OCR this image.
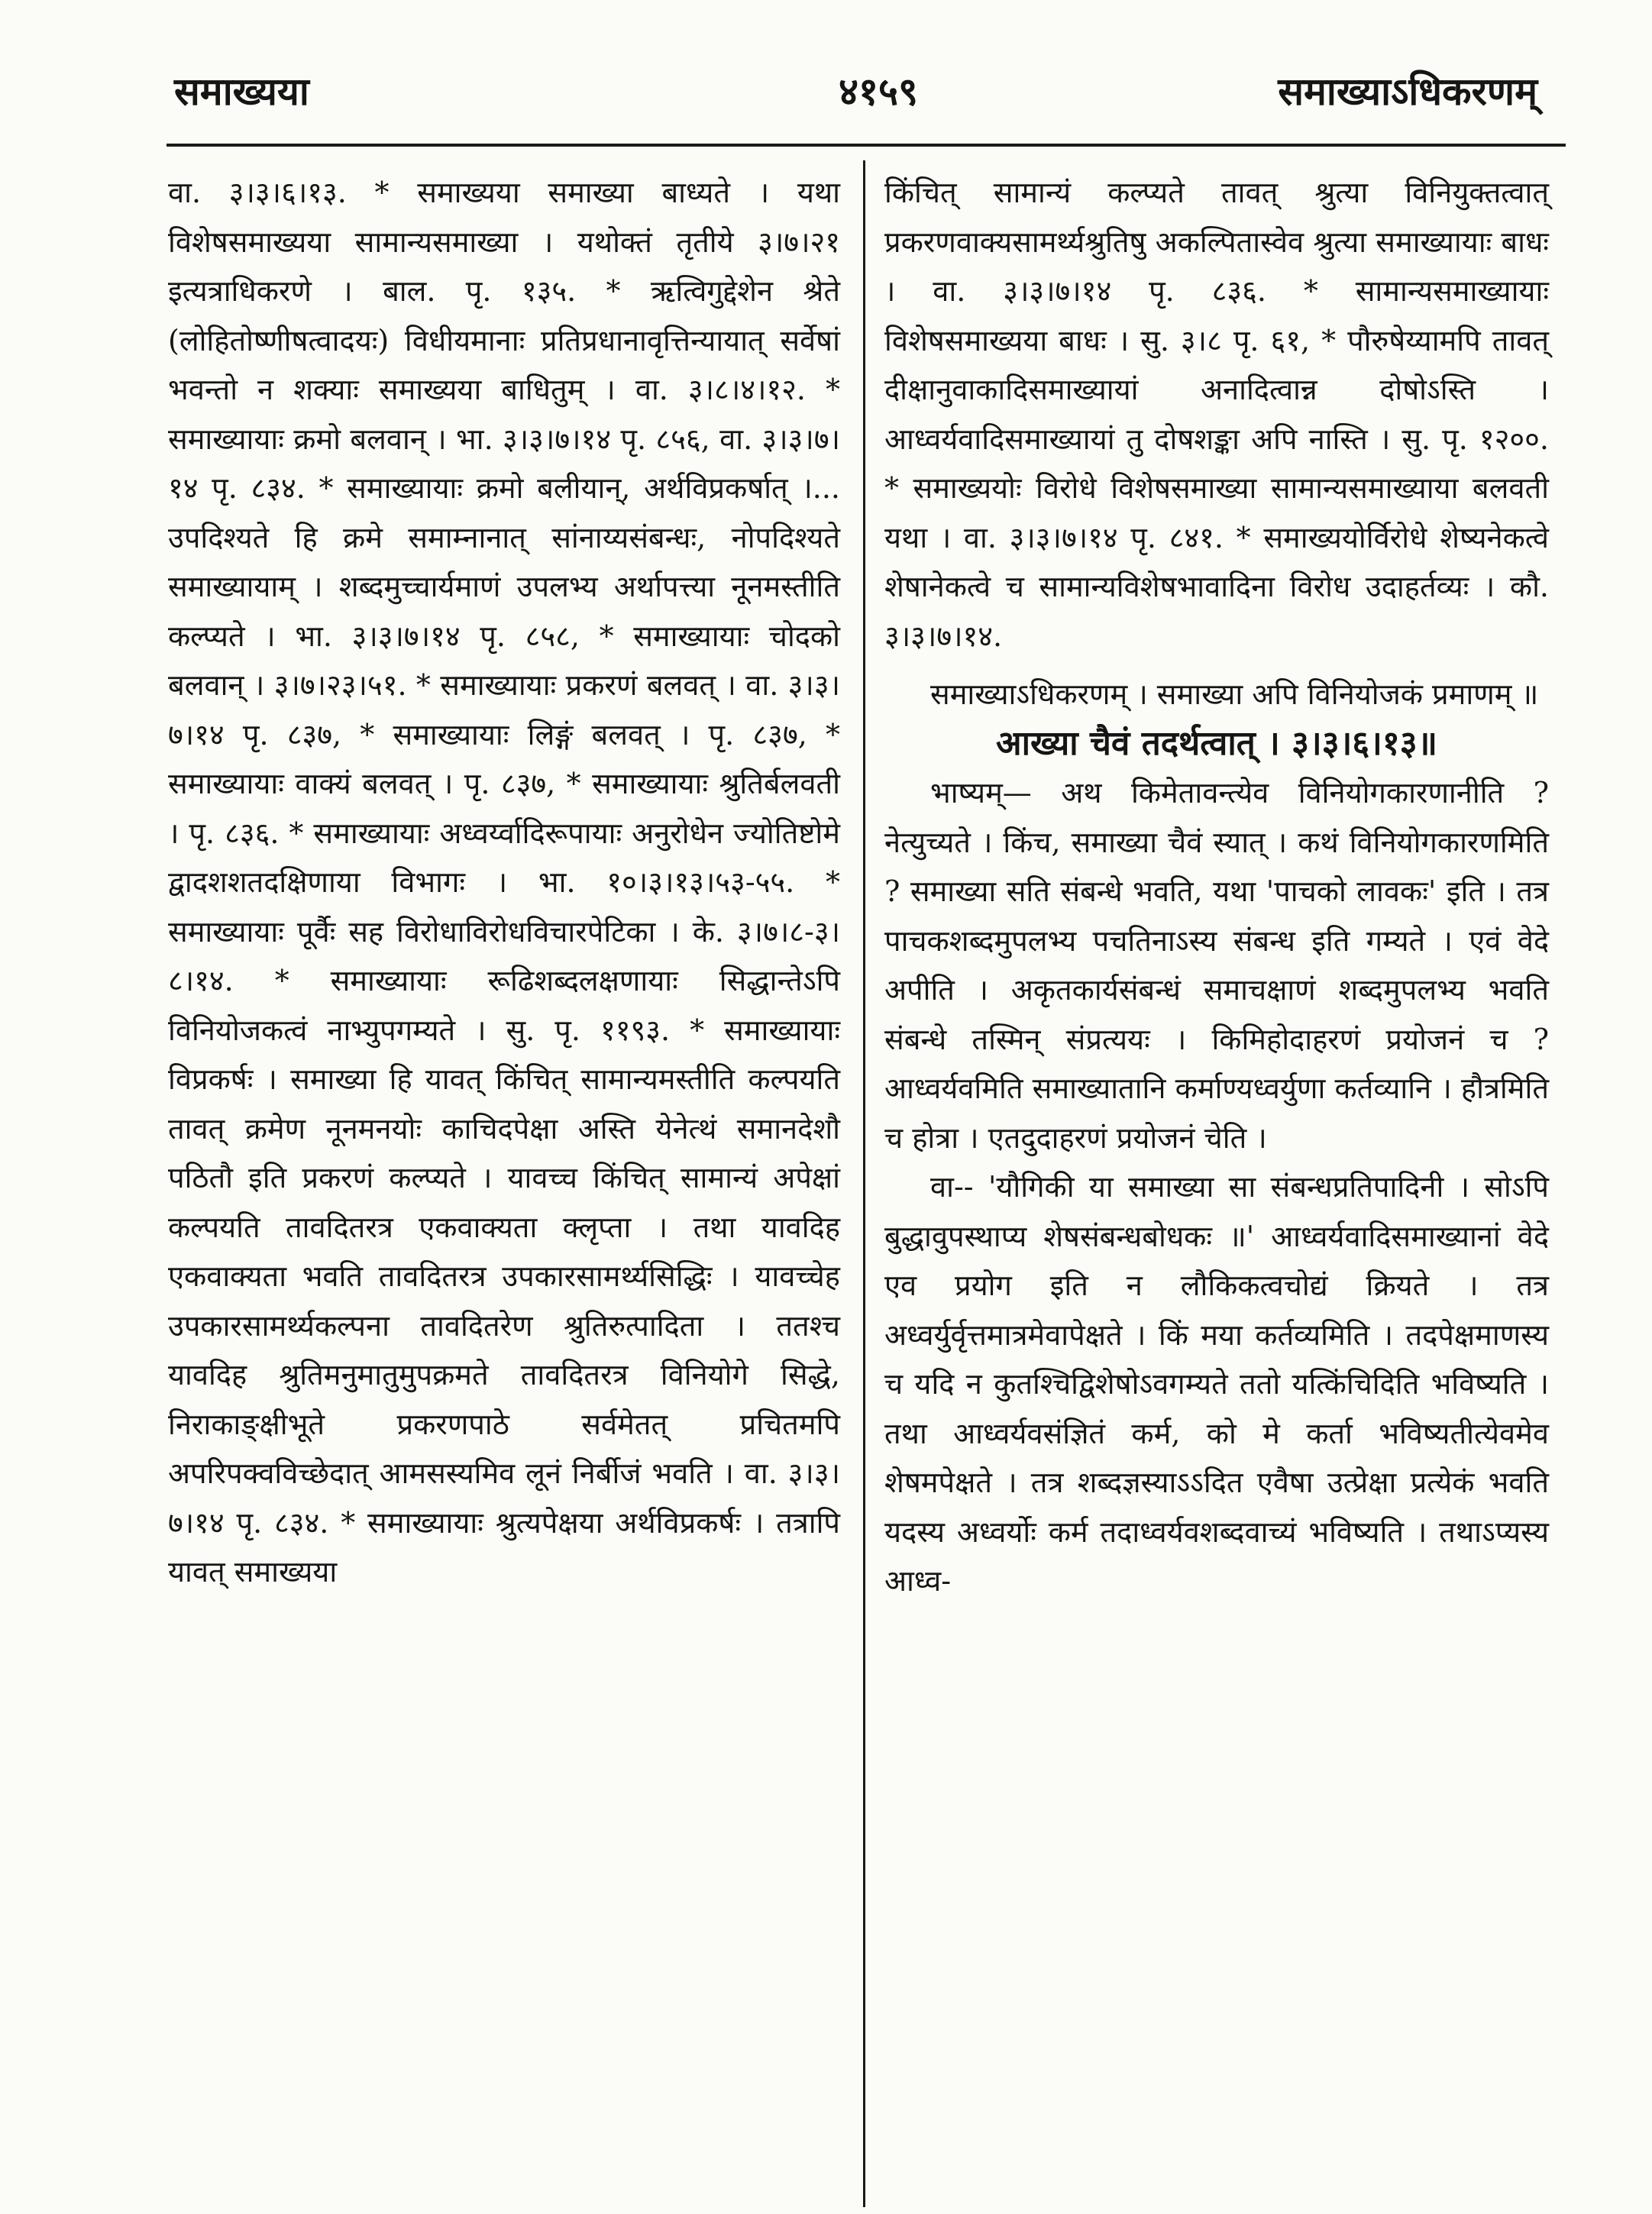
समाख्यया	४१५९	समाख्याऽधिकरणम्

वा. ३।३।६।१३. * समाख्यया समाख्या बाध्यते । यथा विशेषसमाख्यया सामान्यसमाख्या । यथोक्तं तृतीये ३।७।२१ इत्यत्राधिकरणे । बाल. पृ. १३५. * ऋत्विगुद्देशेन श्रेते (लोहितोष्णीषत्वादयः) विधीयमानाः प्रतिप्रधानावृत्तिन्यायात् सर्वेषां भवन्तो न शक्याः समाख्यया बाधितुम् । वा. ३।८।४।१२. * समाख्यायाः क्रमो बलवान् । भा. ३।३।७।१४ पृ. ८५६, वा. ३।३।७।१४ पृ. ८३४. * समाख्यायाः क्रमो बलीयान्, अर्थविप्रकर्षात् ।... उपदिश्यते हि क्रमे समाम्नानात् सांनाय्यसंबन्धः, नोपदिश्यते समाख्यायाम् । शब्दमुच्चार्यमाणं उपलभ्य अर्थापत्त्या नूनमस्तीति कल्प्यते । भा. ३।३।७।१४ पृ. ८५८, * समाख्यायाः चोदको बलवान् । ३।७।२३।५१. * समाख्यायाः प्रकरणं बलवत् । वा. ३।३।७।१४ पृ. ८३७, * समाख्यायाः लिङ्गं बलवत् । पृ. ८३७, * समाख्यायाः वाक्यं बलवत् । पृ. ८३७, * समाख्यायाः श्रुतिर्बलवती । पृ. ८३६. * समाख्यायाः अध्वर्य्वादिरूपायाः अनुरोधेन ज्योतिष्टोमे द्वादशशतदक्षिणाया विभागः । भा. १०।३।१३।५३-५५. * समाख्यायाः पूर्वैः सह विरोधाविरोधविचारपेटिका । के. ३।७।८-३।८।१४. * समाख्यायाः रूढिशब्दलक्षणायाः सिद्धान्तेऽपि विनियोजकत्वं नाभ्युपगम्यते । सु. पृ. ११९३. * समाख्यायाः विप्रकर्षः । समाख्या हि यावत् किंचित् सामान्यमस्तीति कल्पयति तावत् क्रमेण नूनमनयोः काचिदपेक्षा अस्ति येनेत्थं समानदेशौ पठितौ इति प्रकरणं कल्प्यते । यावच्च किंचित् सामान्यं अपेक्षां कल्पयति तावदितरत्र एकवाक्यता क्लृप्ता । तथा यावदिह एकवाक्यता भवति तावदितरत्र उपकारसामर्थ्यसिद्धिः । यावच्चेह उपकारसामर्थ्यकल्पना तावदितरेण श्रुतिरुत्पादिता । ततश्च यावदिह श्रुतिमनुमातुमुपक्रमते तावदितरत्र विनियोगे सिद्धे, निराकाङ्क्षीभूते प्रकरणपाठे सर्वमेतत् प्रचितमपि अपरिपक्वविच्छेदात् आमसस्यमिव लूनं निर्बीजं भवति । वा. ३।३।७।१४ पृ. ८३४. * समाख्यायाः श्रुत्यपेक्षया अर्थविप्रकर्षः । तत्रापि यावत् समाख्यया

किंचित् सामान्यं कल्प्यते तावत् श्रुत्या विनियुक्तत्वात् प्रकरणवाक्यसामर्थ्यश्रुतिषु अकल्पितास्वेव श्रुत्या समाख्यायाः बाधः । वा. ३।३।७।१४ पृ. ८३६. * सामान्यसमाख्यायाः विशेषसमाख्यया बाधः । सु. ३।८ पृ. ६१, * पौरुषेय्यामपि तावत् दीक्षानुवाकादिसमाख्यायां अनादित्वान्न दोषोऽस्ति । आध्वर्यवादिसमाख्यायां तु दोषशङ्का अपि नास्ति । सु. पृ. १२००. * समाख्ययोः विरोधे विशेषसमाख्या सामान्यसमाख्याया बलवती यथा । वा. ३।३।७।१४ पृ. ८४१. * समाख्ययोर्विरोधे शेष्यनेकत्वे शेषानेकत्वे च सामान्यविशेषभावादिना विरोध उदाहर्तव्यः । कौ. ३।३।७।१४.

समाख्याऽधिकरणम् । समाख्या अपि विनियोजकं प्रमाणम् ॥

आख्या चैवं तदर्थत्वात् । ३।३।६।१३॥

भाष्यम्— अथ किमेतावन्त्येव विनियोगकारणानीति ? नेत्युच्यते । किंच, समाख्या चैवं स्यात् । कथं विनियोगकारणमिति ? समाख्या सति संबन्धे भवति, यथा 'पाचको लावकः' इति । तत्र पाचकशब्दमुपलभ्य पचतिनाऽस्य संबन्ध इति गम्यते । एवं वेदे अपीति । अकृतकार्यसंबन्धं समाचक्षाणं शब्दमुपलभ्य भवति संबन्धे तस्मिन् संप्रत्ययः । किमिहोदाहरणं प्रयोजनं च ? आध्वर्यवमिति समाख्यातानि कर्माण्यध्वर्युणा कर्तव्यानि । हौत्रमिति च होत्रा । एतदुदाहरणं प्रयोजनं चेति ।

वा-- 'यौगिकी या समाख्या सा संबन्धप्रतिपादिनी । सोऽपि बुद्धावुपस्थाप्य शेषसंबन्धबोधकः ॥' आध्वर्यवादिसमाख्यानां वेदे एव प्रयोग इति न लौकिकत्वचोद्यं क्रियते । तत्र अध्वर्युर्वृत्तमात्रमेवापेक्षते । किं मया कर्तव्यमिति । तदपेक्षमाणस्य च यदि न कुतश्चिद्विशेषोऽवगम्यते ततो यत्किंचिदिति भविष्यति । तथा आध्वर्यवसंज्ञितं कर्म, को मे कर्ता भविष्यतीत्येवमेव शेषमपेक्षते । तत्र शब्दज्ञस्याऽऽदित एवैषा उत्प्रेक्षा प्रत्येकं भवति यदस्य अध्वर्योः कर्म तदाध्वर्यवशब्दवाच्यं भविष्यति । तथाऽप्यस्य आध्व-
